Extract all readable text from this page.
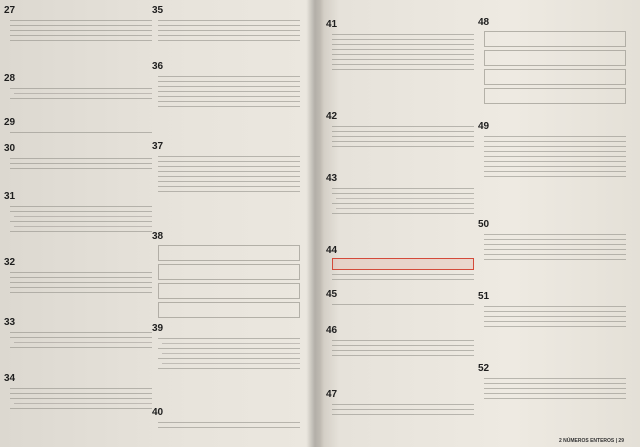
27
28
29
30
31
32
33
34
35
36
37
38
39
40
41
42
43
44
45
46
47
48
49
50
51
52
2 NÚMEROS ENTEROS | 29
